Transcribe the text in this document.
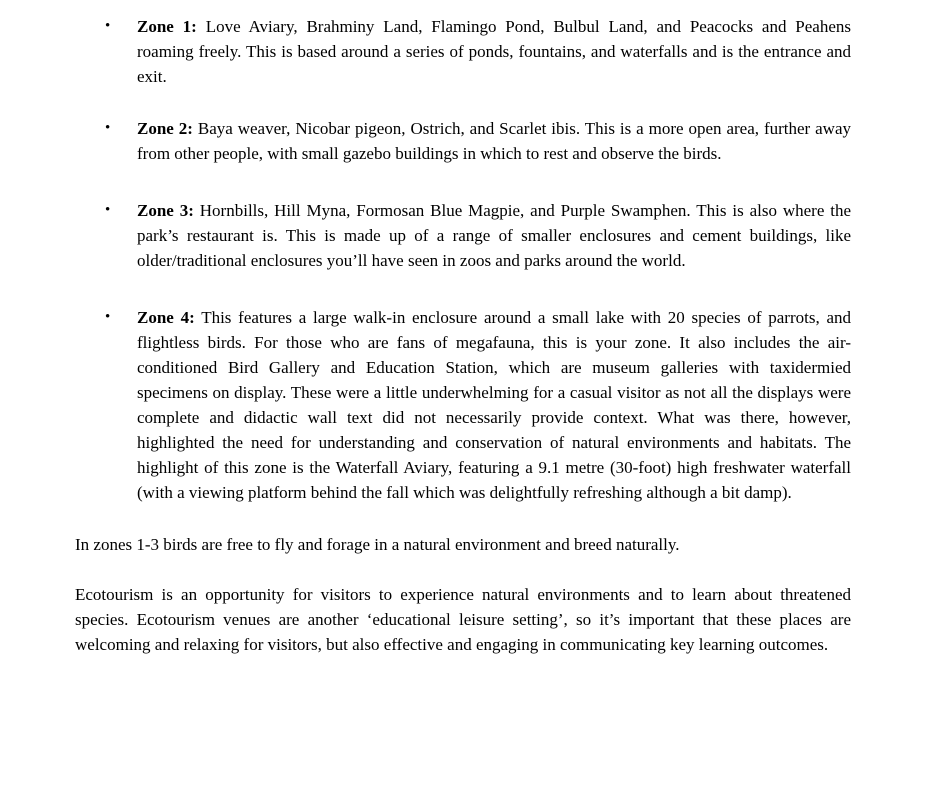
• Zone 1: Love Aviary, Brahminy Land, Flamingo Pond, Bulbul Land, and Peacocks and Peahens roaming freely. This is based around a series of ponds, fountains, and waterfalls and is the entrance and exit.
• Zone 2: Baya weaver, Nicobar pigeon, Ostrich, and Scarlet ibis. This is a more open area, further away from other people, with small gazebo buildings in which to rest and observe the birds.
• Zone 3: Hornbills, Hill Myna, Formosan Blue Magpie, and Purple Swamphen. This is also where the park’s restaurant is. This is made up of a range of smaller enclosures and cement buildings, like older/traditional enclosures you’ll have seen in zoos and parks around the world.
• Zone 4: This features a large walk-in enclosure around a small lake with 20 species of parrots, and flightless birds. For those who are fans of megafauna, this is your zone. It also includes the air-conditioned Bird Gallery and Education Station, which are museum galleries with taxidermied specimens on display. These were a little underwhelming for a casual visitor as not all the displays were complete and didactic wall text did not necessarily provide context. What was there, however, highlighted the need for understanding and conservation of natural environments and habitats. The highlight of this zone is the Waterfall Aviary, featuring a 9.1 metre (30-foot) high freshwater waterfall (with a viewing platform behind the fall which was delightfully refreshing although a bit damp).

In zones 1-3 birds are free to fly and forage in a natural environment and breed naturally.

Ecotourism is an opportunity for visitors to experience natural environments and to learn about threatened species. Ecotourism venues are another ‘educational leisure setting’, so it’s important that these places are welcoming and relaxing for visitors, but also effective and engaging in communicating key learning outcomes.
